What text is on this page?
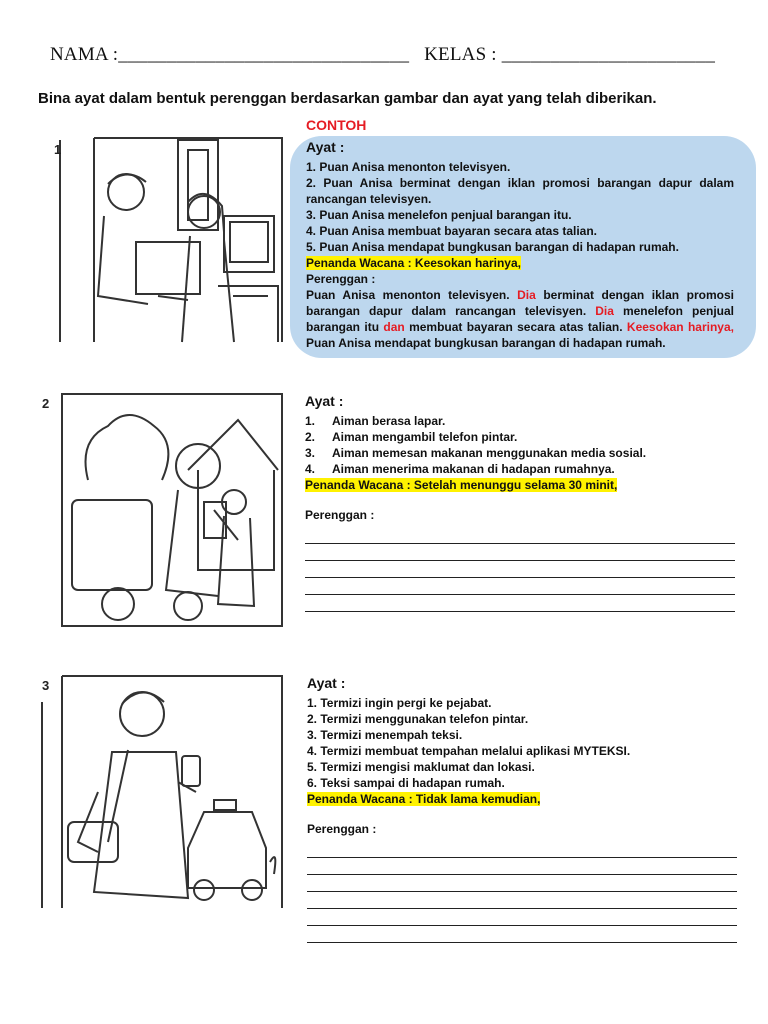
NAMA :______________________________ KELAS : ______________________
Bina ayat dalam bentuk perenggan berdasarkan gambar dan ayat yang telah diberikan.
CONTOH
Ayat :
1. Puan Anisa menonton televisyen.
2. Puan Anisa berminat dengan iklan promosi barangan dapur dalam rancangan televisyen.
3. Puan Anisa menelefon penjual barangan itu.
4. Puan Anisa membuat bayaran secara atas talian.
5. Puan Anisa mendapat bungkusan barangan di hadapan rumah.
Penanda Wacana : Keesokan harinya,
Perenggan :
Puan Anisa menonton televisyen. Dia berminat dengan iklan promosi barangan dapur dalam rancangan televisyen. Dia menelefon penjual barangan itu dan membuat bayaran secara atas talian. Keesokan harinya, Puan Anisa mendapat bungkusan barangan di hadapan rumah.
1
Ayat :
1.	Aiman berasa lapar.
2.	Aiman mengambil telefon pintar.
3.	Aiman memesan makanan menggunakan media sosial.
4.	Aiman menerima makanan di hadapan rumahnya.
Penanda Wacana : Setelah menunggu selama 30 minit,
Perenggan :
2
Ayat :
1. Termizi ingin pergi ke pejabat.
2. Termizi menggunakan telefon pintar.
3. Termizi menempah teksi.
4. Termizi membuat tempahan melalui aplikasi MYTEKSI.
5. Termizi mengisi maklumat dan lokasi.
6. Teksi sampai di hadapan rumah.
Penanda Wacana : Tidak lama kemudian,
Perenggan :
3
